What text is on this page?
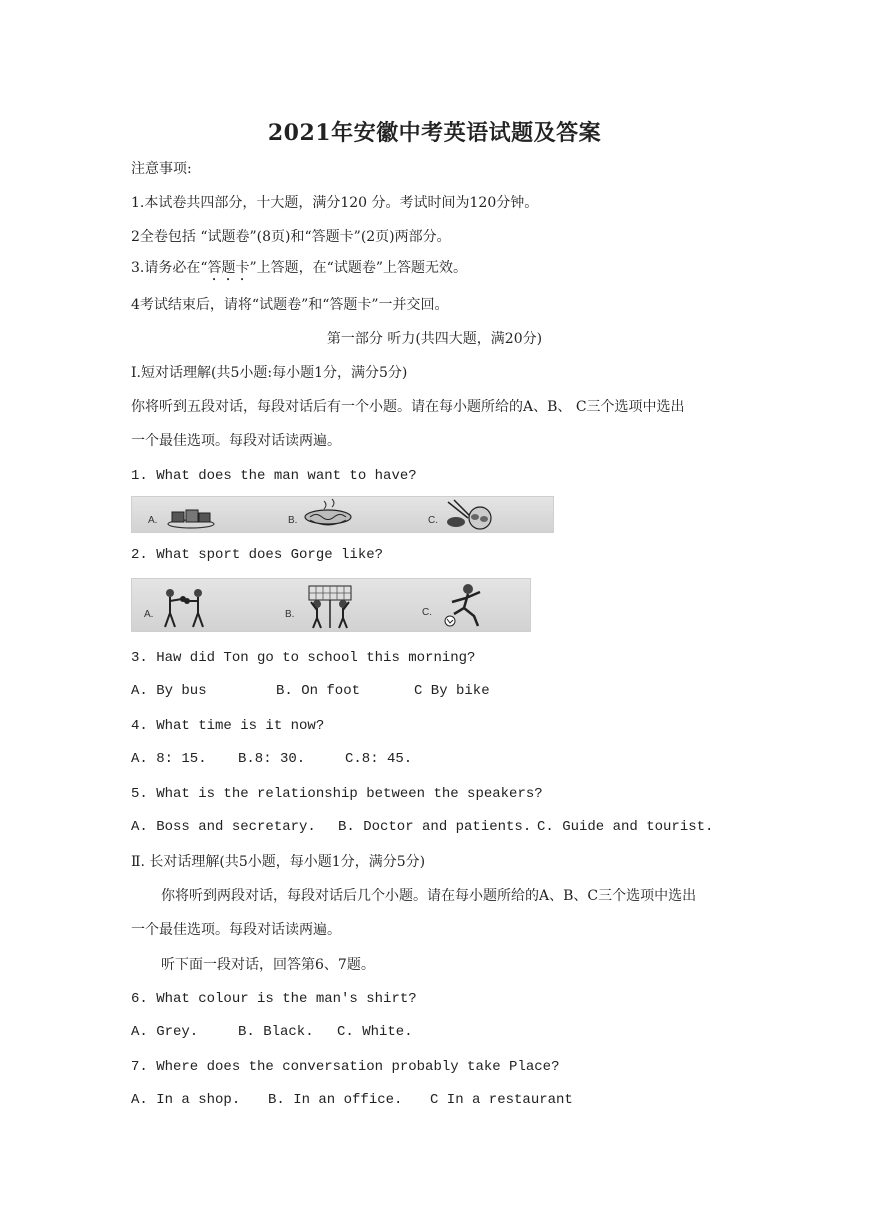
2021年安徽中考英语试题及答案
注意事项:
1.本试卷共四部分，十大题，满分120 分。考试时间为120分钟。
2全卷包括 “试题卷”(8页)和“答题卡”(2页)两部分。
3.请务必在“答题卡”上答题，在“试题卷”上答题无效。
4考试结束后，请将“试题卷”和“答题卡”一并交回。
第一部分 听力(共四大题，满20分)
Ⅰ.短对话理解(共5小题:每小题1分，满分5分)
你将听到五段对话，每段对话后有一个小题。请在每小题所给的A、B、 C三个选项中选出
一个最佳选项。每段对话读两遍。
1. What does the man want to have?
A.	B.	C.
2. What sport does Gorge like?
A.	B.	C.
3. Haw did Ton go to school this morning?
A. By bus	B. On foot	C By bike
4. What time is it now?
A. 8: 15. B.8: 30.	C.8: 45.
5. What is the relationship between the speakers?
A. Boss and secretary. B. Doctor and patients. C. Guide and tourist.
Ⅱ. 长对话理解(共5小题，每小题1分，满分5分)
你将听到两段对话，每段对话后几个小题。请在每小题所给的A、B、C三个选项中选出
一个最佳选项。每段对话读两遍。
听下面一段对话，回答第6、7题。
6. What colour is the man's shirt?
A. Grey.	B. Black. C. White.
7. Where does the conversation probably take Place?
A. In a shop. B. In an office. C In a restaurant
